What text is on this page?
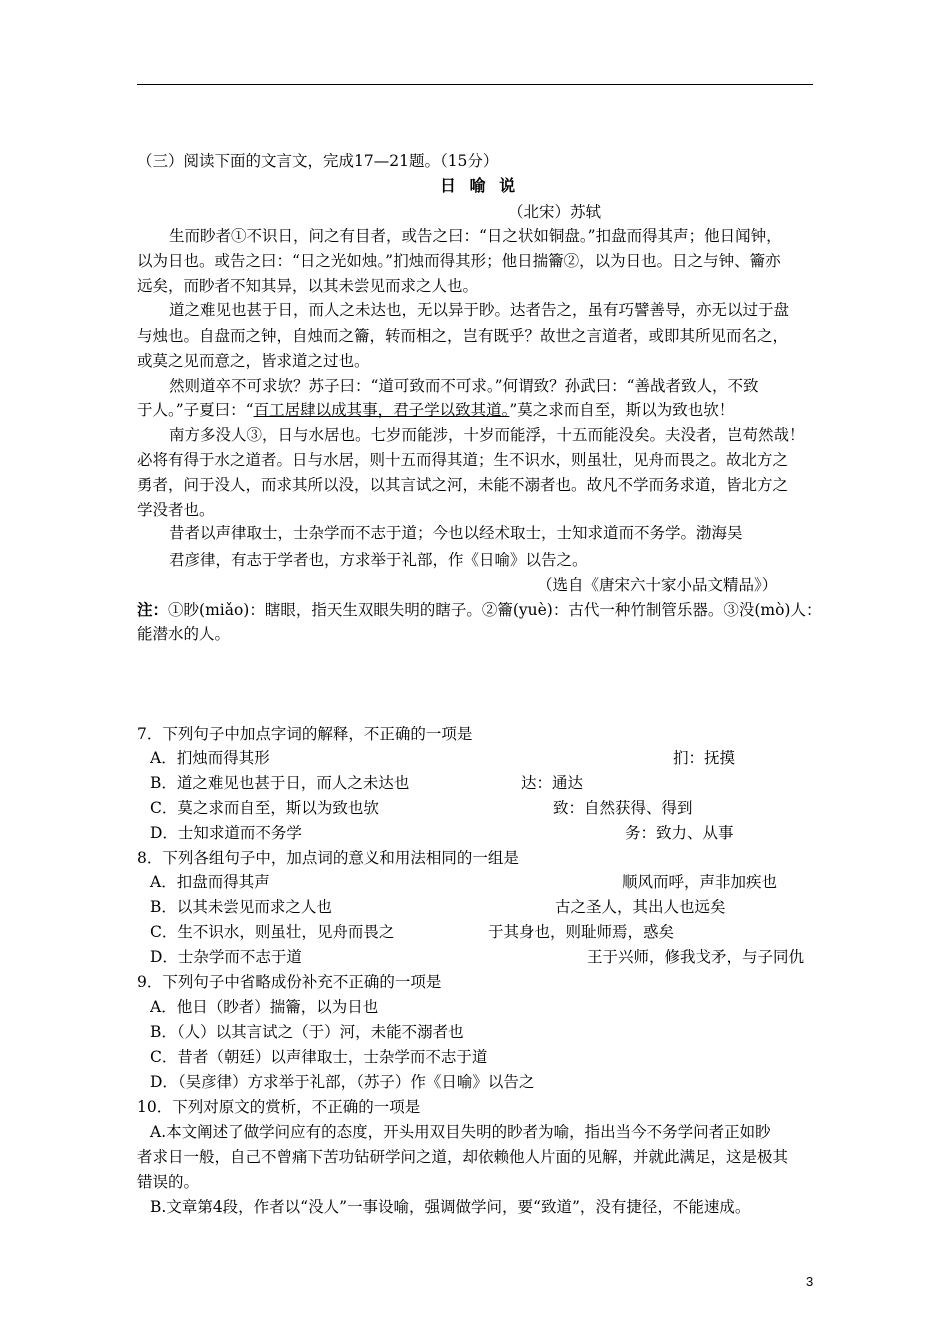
（三）阅读下面的文言文，完成17—21题。（15分）
日 喻 说
（北宋）苏轼
生而眇者①不识日，问之有目者，或告之曰：“日之状如铜盘。”扣盘而得其声；他日闻钟，
以为日也。或告之曰：“日之光如烛。”扪烛而得其形；他日揣籥②，以为日也。日之与钟、籥亦
远矣，而眇者不知其异，以其未尝见而求之人也。
道之难见也甚于日，而人之未达也，无以异于眇。达者告之，虽有巧譬善导，亦无以过于盘
与烛也。自盘而之钟，自烛而之籥，转而相之，岂有既乎？故世之言道者，或即其所见而名之，
或莫之见而意之，皆求道之过也。
然则道卒不可求欤？苏子曰：“道可致而不可求。”何谓致？孙武曰：“善战者致人，不致
于人。”子夏曰：“百工居肆以成其事，君子学以致其道。”莫之求而自至，斯以为致也欤！
南方多没人③，日与水居也。七岁而能涉，十岁而能浮，十五而能没矣。夫没者，岂苟然哉！
必将有得于水之道者。日与水居，则十五而得其道；生不识水，则虽壮，见舟而畏之。故北方之
勇者，问于没人，而求其所以没，以其言试之河，未能不溺者也。故凡不学而务求道，皆北方之
学没者也。
昔者以声律取士，士杂学而不志于道；今也以经术取士，士知求道而不务学。渤海吴
君彦律，有志于学者也，方求举于礼部，作《日喻》以告之。
（选自《唐宋六十家小品文精品》）
注：①眇(miǎo)：瞎眼，指天生双眼失明的瞎子。②籥(yuè)：古代一种竹制管乐器。③没(mò)人：
能潜水的人。
7．下列句子中加点字词的解释，不正确的一项是
A．扪烛而得其形	扪：抚摸
B．道之难见也甚于日，而人之未达也	达：通达
C．莫之求而自至，斯以为致也欤	致：自然获得、得到
D．士知求道而不务学	务：致力、从事
8．下列各组句子中，加点词的意义和用法相同的一组是
A．扣盘而得其声	顺风而呼，声非加疾也
B．以其未尝见而求之人也	古之圣人，其出人也远矣
C．生不识水，则虽壮，见舟而畏之	于其身也，则耻师焉，惑矣
D．士杂学而不志于道	王于兴师，修我戈矛，与子同仇
9．下列句子中省略成份补充不正确的一项是
A．他日（眇者）揣籥，以为日也
B．（人）以其言试之（于）河，未能不溺者也
C．昔者（朝廷）以声律取士，士杂学而不志于道
D．（吴彦律）方求举于礼部，（苏子）作《日喻》以告之
10．下列对原文的赏析，不正确的一项是
A.本文阐述了做学问应有的态度，开头用双目失明的眇者为喻，指出当今不务学问者正如眇
者求日一般，自己不曾痛下苦功钻研学问之道，却依赖他人片面的见解，并就此满足，这是极其
错误的。
B.文章第4段，作者以“没人”一事设喻，强调做学问，要“致道”，没有捷径，不能速成。
3
